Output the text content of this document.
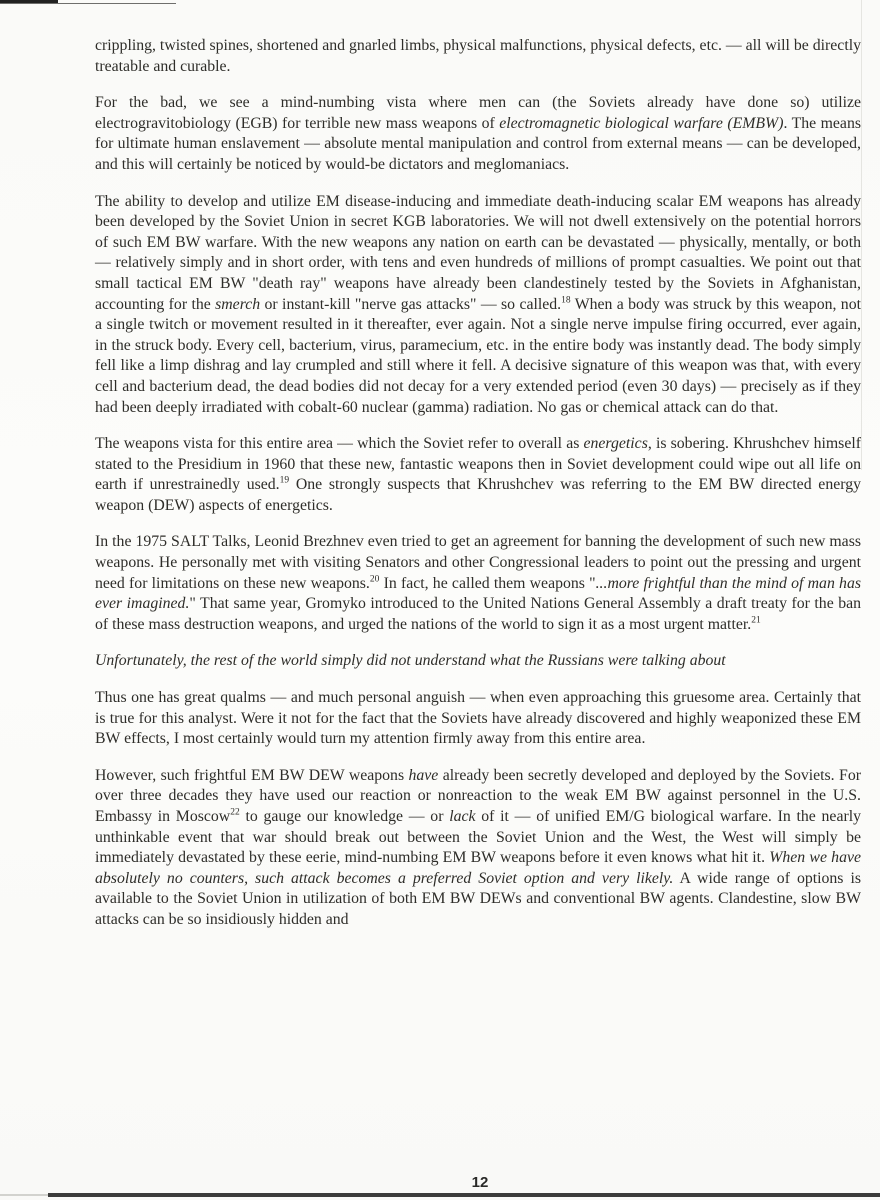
crippling, twisted spines, shortened and gnarled limbs, physical malfunctions, physical defects, etc. — all will be directly treatable and curable.

For the bad, we see a mind-numbing vista where men can (the Soviets already have done so) utilize electrogravitobiology (EGB) for terrible new mass weapons of electromagnetic biological warfare (EMBW). The means for ultimate human enslavement — absolute mental manipulation and control from external means — can be developed, and this will certainly be noticed by would-be dictators and meglomaniacs.

The ability to develop and utilize EM disease-inducing and immediate death-inducing scalar EM weapons has already been developed by the Soviet Union in secret KGB laboratories. We will not dwell extensively on the potential horrors of such EM BW warfare. With the new weapons any nation on earth can be devastated — physically, mentally, or both — relatively simply and in short order, with tens and even hundreds of millions of prompt casualties. We point out that small tactical EM BW "death ray" weapons have already been clandestinely tested by the Soviets in Afghanistan, accounting for the smerch or instant-kill "nerve gas attacks" — so called.$^{18}$ When a body was struck by this weapon, not a single twitch or movement resulted in it thereafter, ever again. Not a single nerve impulse firing occurred, ever again, in the struck body. Every cell, bacterium, virus, paramecium, etc. in the entire body was instantly dead. The body simply fell like a limp dishrag and lay crumpled and still where it fell. A decisive signature of this weapon was that, with every cell and bacterium dead, the dead bodies did not decay for a very extended period (even 30 days) — precisely as if they had been deeply irradiated with cobalt-60 nuclear (gamma) radiation. No gas or chemical attack can do that.

The weapons vista for this entire area — which the Soviet refer to overall as energetics, is sobering. Khrushchev himself stated to the Presidium in 1960 that these new, fantastic weapons then in Soviet development could wipe out all life on earth if unrestrainedly used.$^{19}$ One strongly suspects that Khrushchev was referring to the EM BW directed energy weapon (DEW) aspects of energetics.

In the 1975 SALT Talks, Leonid Brezhnev even tried to get an agreement for banning the development of such new mass weapons. He personally met with visiting Senators and other Congressional leaders to point out the pressing and urgent need for limitations on these new weapons.$^{20}$ In fact, he called them weapons "...more frightful than the mind of man has ever imagined." That same year, Gromyko introduced to the United Nations General Assembly a draft treaty for the ban of these mass destruction weapons, and urged the nations of the world to sign it as a most urgent matter.$^{21}$

Unfortunately, the rest of the world simply did not understand what the Russians were talking about

Thus one has great qualms — and much personal anguish — when even approaching this gruesome area. Certainly that is true for this analyst. Were it not for the fact that the Soviets have already discovered and highly weaponized these EM BW effects, I most certainly would turn my attention firmly away from this entire area.

However, such frightful EM BW DEW weapons have already been secretly developed and deployed by the Soviets. For over three decades they have used our reaction or nonreaction to the weak EM BW against personnel in the U.S. Embassy in Moscow$^{22}$ to gauge our knowledge — or lack of it — of unified EM/G biological warfare. In the nearly unthinkable event that war should break out between the Soviet Union and the West, the West will simply be immediately devastated by these eerie, mind-numbing EM BW weapons before it even knows what hit it. When we have absolutely no counters, such attack becomes a preferred Soviet option and very likely. A wide range of options is available to the Soviet Union in utilization of both EM BW DEWs and conventional BW agents. Clandestine, slow BW attacks can be so insidiously hidden and

12
